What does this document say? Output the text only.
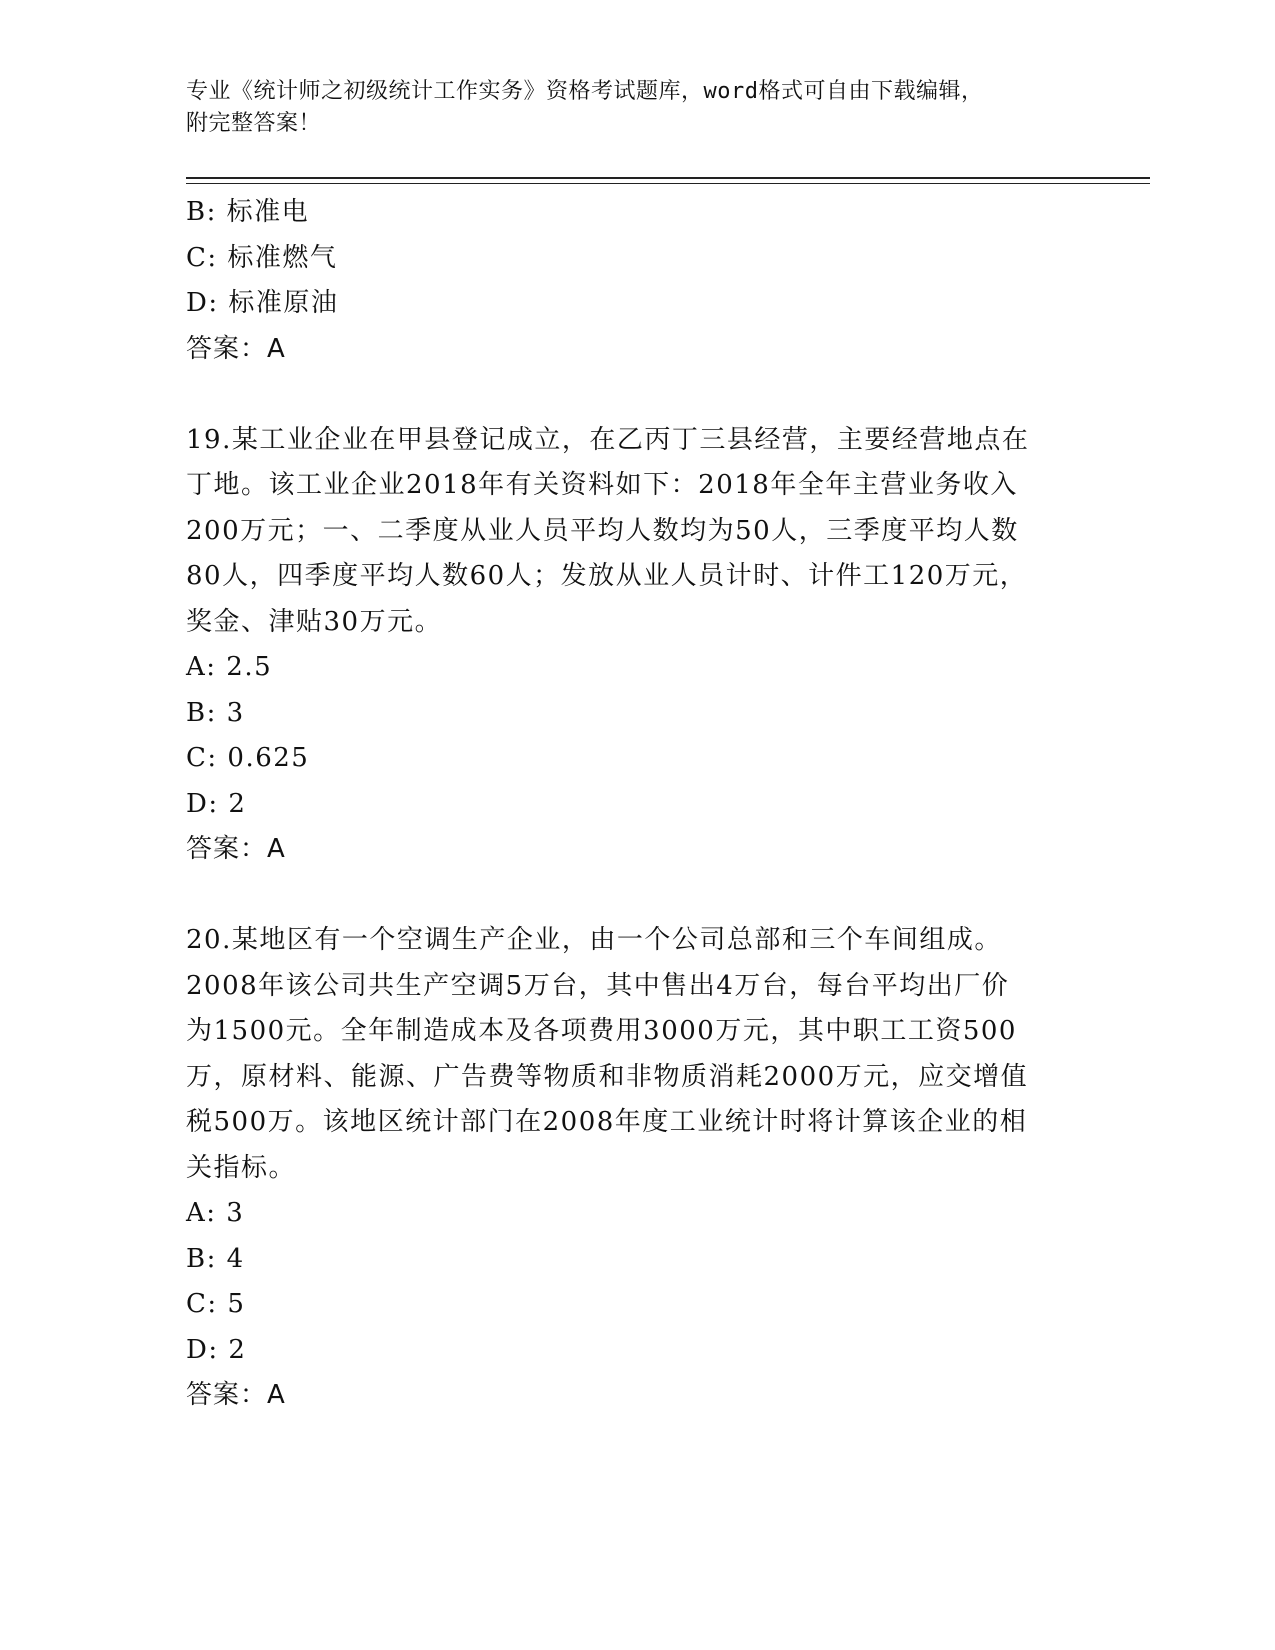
专业《统计师之初级统计工作实务》资格考试题库，word格式可自由下载编辑，
附完整答案！
B: 标准电
C: 标准燃气
D: 标准原油
答案：A
19.某工业企业在甲县登记成立，在乙丙丁三县经营，主要经营地点在
丁地。该工业企业2018年有关资料如下：2018年全年主营业务收入
200万元；一、二季度从业人员平均人数均为50人，三季度平均人数
80人，四季度平均人数60人；发放从业人员计时、计件工120万元，
奖金、津贴30万元。
A: 2.5
B: 3
C: 0.625
D: 2
答案：A
20.某地区有一个空调生产企业，由一个公司总部和三个车间组成。
2008年该公司共生产空调5万台，其中售出4万台，每台平均出厂价
为1500元。全年制造成本及各项费用3000万元，其中职工工资500
万，原材料、能源、广告费等物质和非物质消耗2000万元，应交增值
税500万。该地区统计部门在2008年度工业统计时将计算该企业的相
关指标。
A: 3
B: 4
C: 5
D: 2
答案：A
